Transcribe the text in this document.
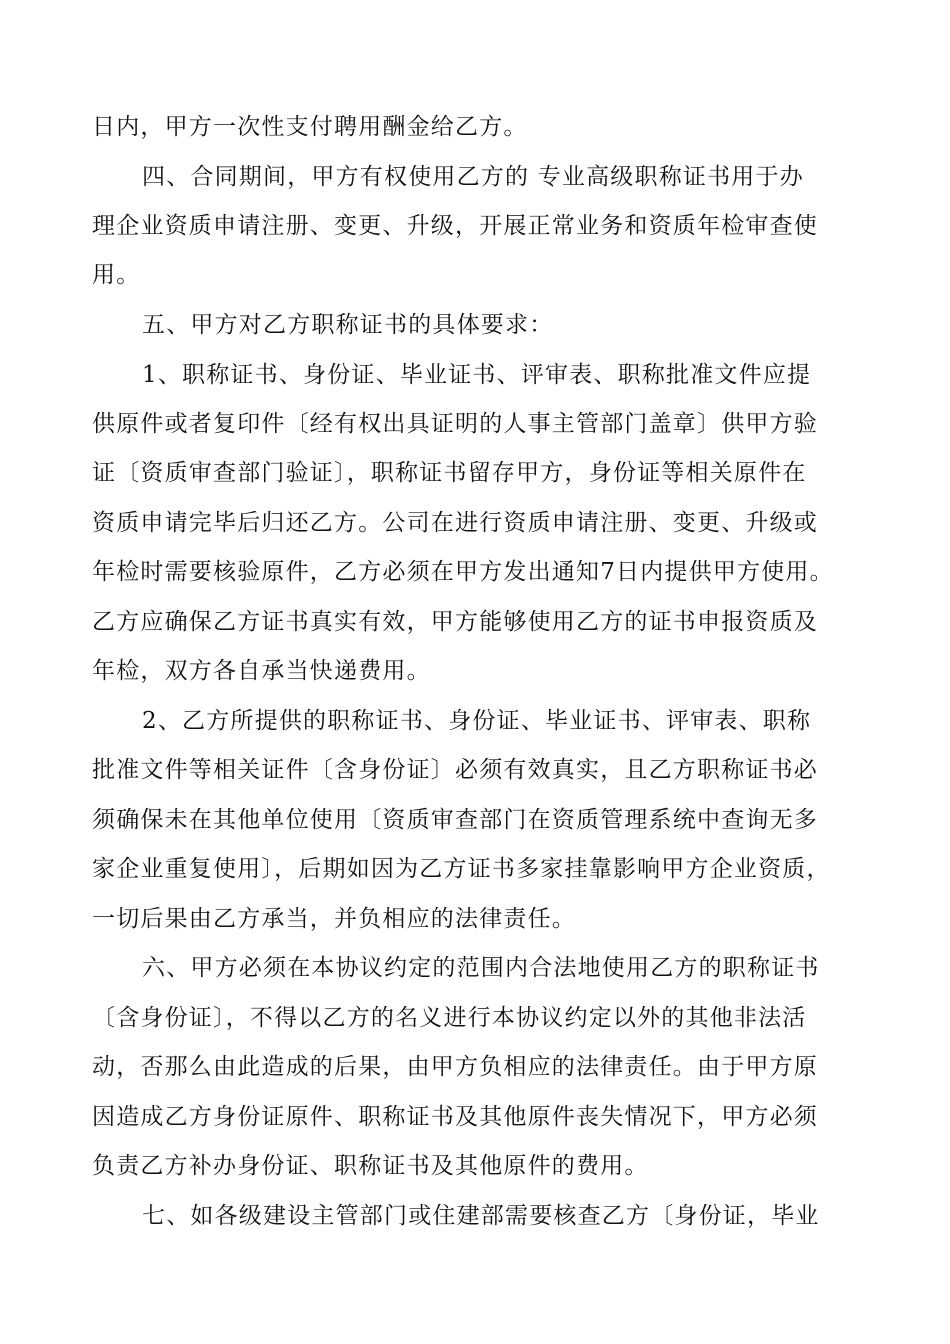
日内，甲方一次性支付聘用酬金给乙方。
四、合同期间，甲方有权使用乙方的 专业高级职称证书用于办
理企业资质申请注册、变更、升级，开展正常业务和资质年检审查使
用。
五、甲方对乙方职称证书的具体要求：
1、职称证书、身份证、毕业证书、评审表、职称批准文件应提
供原件或者复印件〔经有权出具证明的人事主管部门盖章〕供甲方验
证〔资质审查部门验证〕，职称证书留存甲方，身份证等相关原件在
资质申请完毕后归还乙方。公司在进行资质申请注册、变更、升级或
年检时需要核验原件，乙方必须在甲方发出通知7日内提供甲方使用。
乙方应确保乙方证书真实有效，甲方能够使用乙方的证书申报资质及
年检，双方各自承当快递费用。
2、乙方所提供的职称证书、身份证、毕业证书、评审表、职称
批准文件等相关证件〔含身份证〕必须有效真实，且乙方职称证书必
须确保未在其他单位使用〔资质审查部门在资质管理系统中查询无多
家企业重复使用〕，后期如因为乙方证书多家挂靠影响甲方企业资质，
一切后果由乙方承当，并负相应的法律责任。
六、甲方必须在本协议约定的范围内合法地使用乙方的职称证书
〔含身份证〕，不得以乙方的名义进行本协议约定以外的其他非法活
动，否那么由此造成的后果，由甲方负相应的法律责任。由于甲方原
因造成乙方身份证原件、职称证书及其他原件丧失情况下，甲方必须
负责乙方补办身份证、职称证书及其他原件的费用。
七、如各级建设主管部门或住建部需要核查乙方〔身份证，毕业
